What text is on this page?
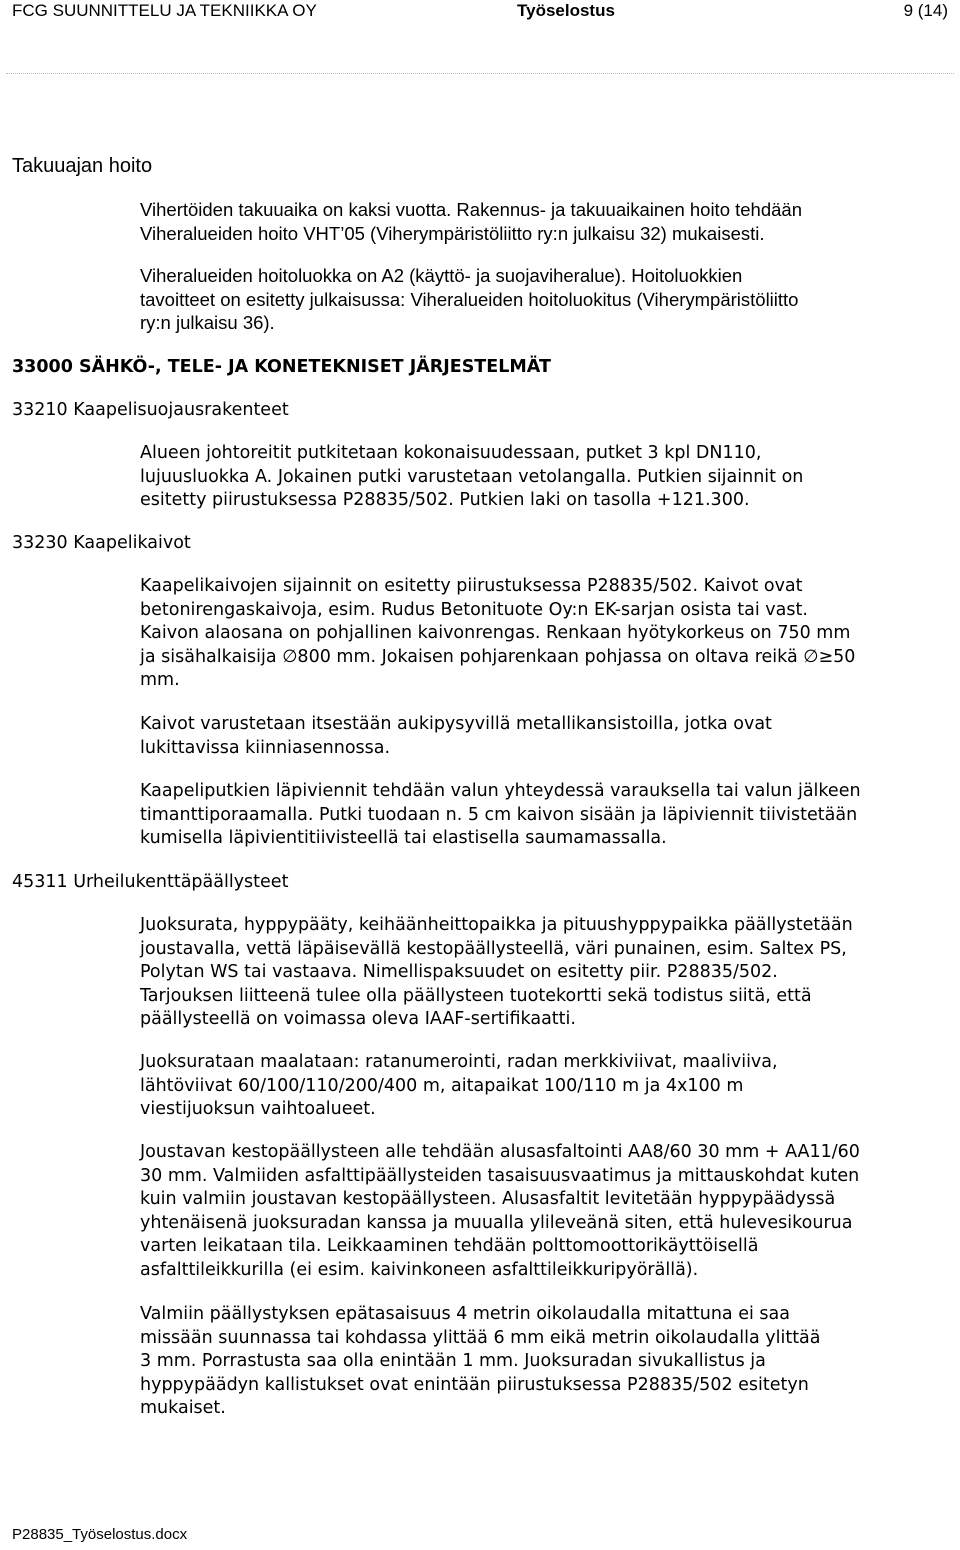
FCG SUUNNITTELU JA TEKNIIKKA OY	Työselostus	9 (14)
Takuuajan hoito

Vihertöiden takuuaika on kaksi vuotta. Rakennus- ja takuuaikainen hoito tehdään
Viheralueiden hoito VHT’05 (Viherympäristöliitto ry:n julkaisu 32) mukaisesti.

Viheralueiden hoitoluokka on A2 (käyttö- ja suojaviheralue). Hoitoluokkien
tavoitteet on esitetty julkaisussa: Viheralueiden hoitoluokitus (Viherympäristöliitto
ry:n julkaisu 36).

33000 SÄHKÖ-, TELE- JA KONETEKNISET JÄRJESTELMÄT
33210 Kaapelisuojausrakenteet

Alueen johtoreitit putkitetaan kokonaisuudessaan, putket 3 kpl DN110,
lujuusluokka A. Jokainen putki varustetaan vetolangalla. Putkien sijainnit on
esitetty piirustuksessa P28835/502. Putkien laki on tasolla +121.300.

33230 Kaapelikaivot

Kaapelikaivojen sijainnit on esitetty piirustuksessa P28835/502. Kaivot ovat
betonirengaskaivoja, esim. Rudus Betonituote Oy:n EK-sarjan osista tai vast.
Kaivon alaosana on pohjallinen kaivonrengas. Renkaan hyötykorkeus on 750 mm
ja sisähalkaisija ∅800 mm. Jokaisen pohjarenkaan pohjassa on oltava reikä ∅≥50
mm.

Kaivot varustetaan itsestään aukipysyvillä metallikansistoilla, jotka ovat
lukittavissa kiinniasennossa.

Kaapeliputkien läpiviennit tehdään valun yhteydessä varauksella tai valun jälkeen
timanttiporaamalla. Putki tuodaan n. 5 cm kaivon sisään ja läpiviennit tiivistetään
kumisella läpivientitiivisteellä tai elastisella saumamassalla.

45311 Urheilukenttäpäällysteet

Juoksurata, hyppypääty, keihäänheittopaikka ja pituushyppypaikka päällystetään
joustavalla, vettä läpäisevällä kestopäällysteellä, väri punainen, esim. Saltex PS,
Polytan WS tai vastaava. Nimellispaksuudet on esitetty piir. P28835/502.
Tarjouksen liitteenä tulee olla päällysteen tuotekortti sekä todistus siitä, että
päällysteellä on voimassa oleva IAAF-sertifikaatti.

Juoksurataan maalataan: ratanumerointi, radan merkkiviivat, maaliviiva,
lähtöviivat 60/100/110/200/400 m, aitapaikat 100/110 m ja 4x100 m
viestijuoksun vaihtoalueet.

Joustavan kestopäällysteen alle tehdään alusasfaltointi AA8/60 30 mm + AA11/60
30 mm. Valmiiden asfalttipäällysteiden tasaisuusvaatimus ja mittauskohdat kuten
kuin valmiin joustavan kestopäällysteen. Alusasfaltit levitetään hyppypäädyssä
yhtenäisenä juoksuradan kanssa ja muualla ylileveänä siten, että hulevesikourua
varten leikataan tila. Leikkaaminen tehdään polttomoottorikäyttöisellä
asfalttileikkurilla (ei esim. kaivinkoneen asfalttileikkuripyörällä).

Valmiin päällystyksen epätasaisuus 4 metrin oikolaudalla mitattuna ei saa
missään suunnassa tai kohdassa ylittää 6 mm eikä metrin oikolaudalla ylittää
3 mm. Porrastusta saa olla enintään 1 mm. Juoksuradan sivukallistus ja
hyppypäädyn kallistukset ovat enintään piirustuksessa P28835/502 esitetyn
mukaiset.

P28835_Työselostus.docx
